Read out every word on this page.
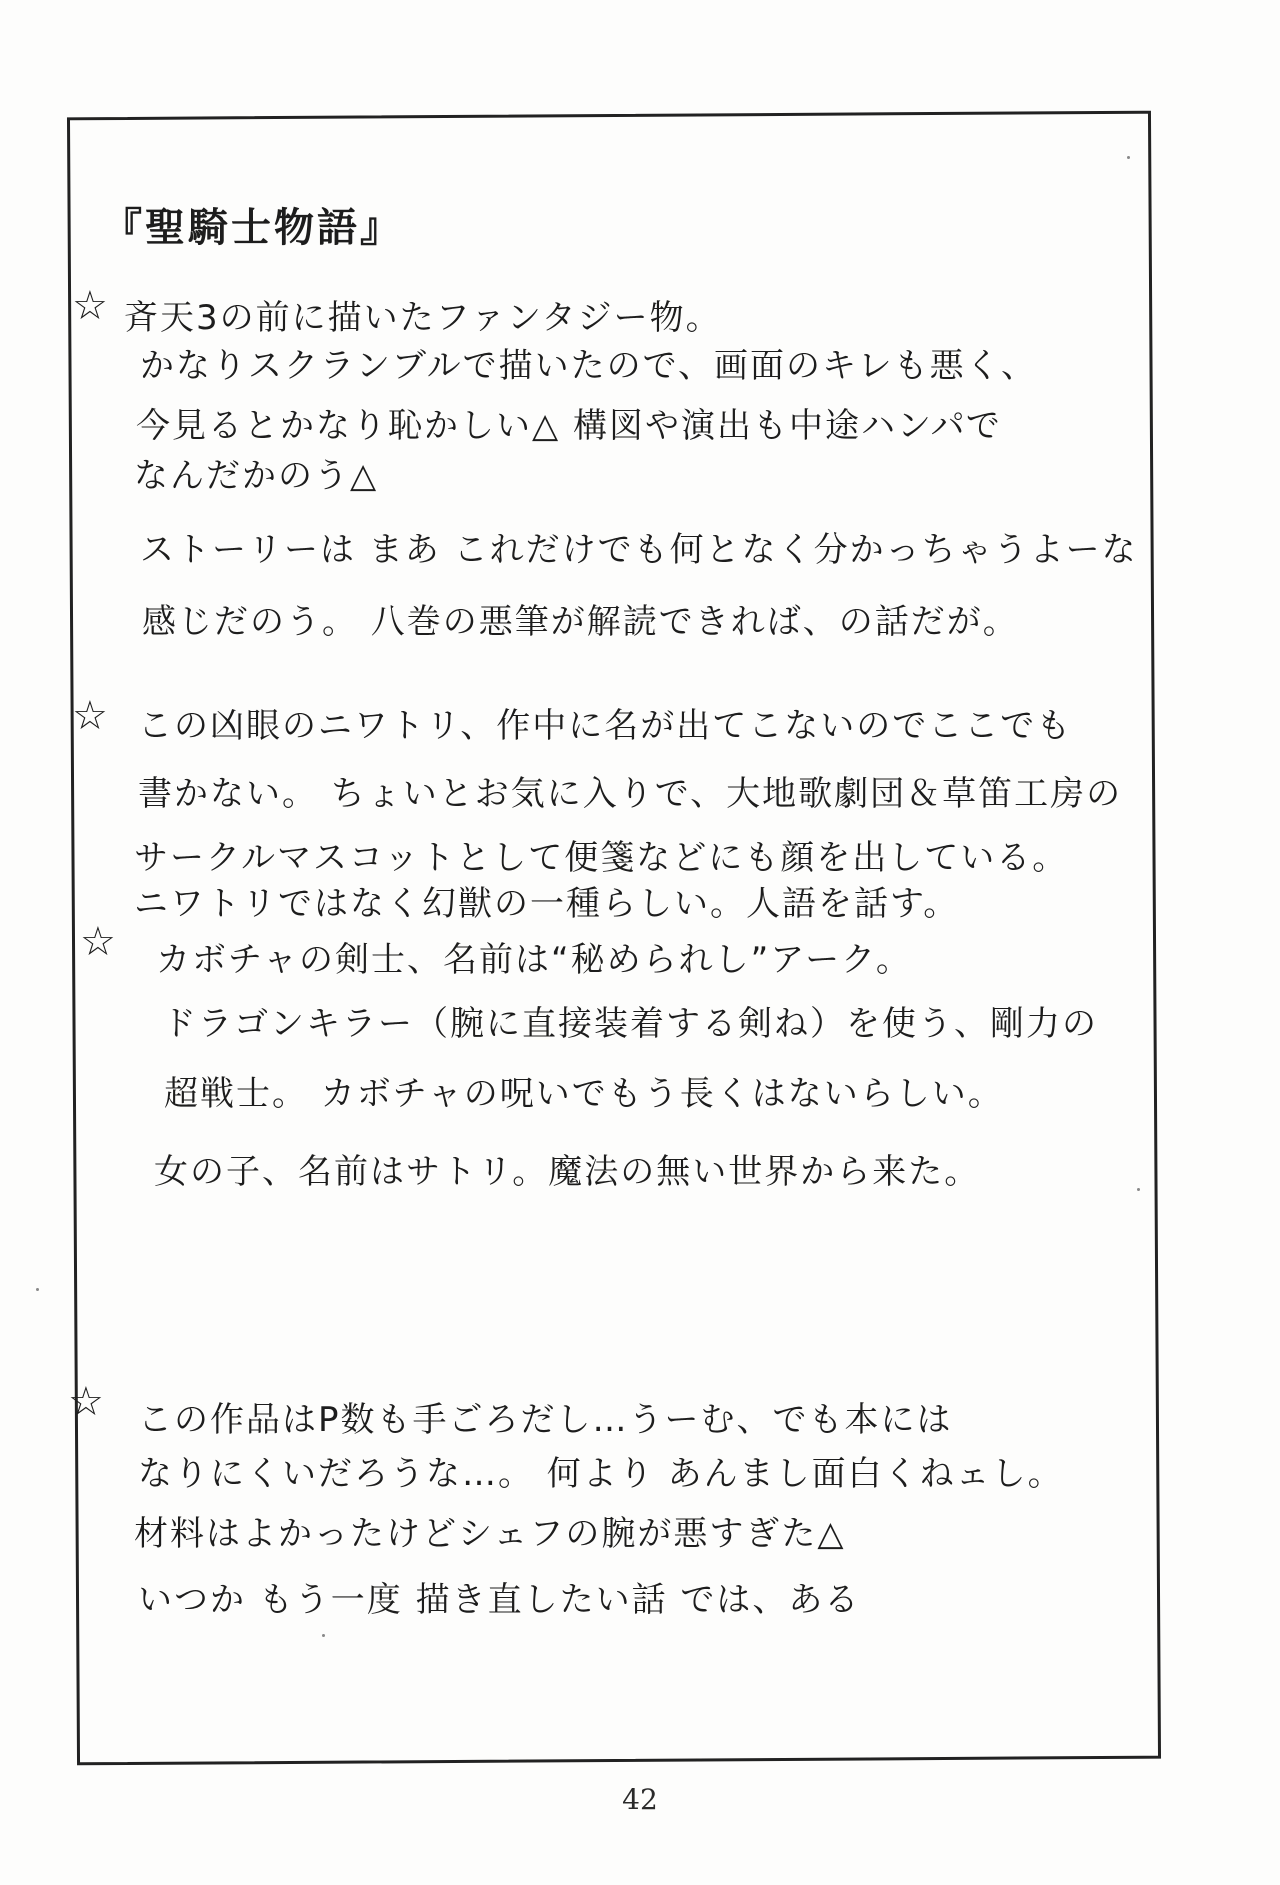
『聖騎士物語』
☆ 斉天3の前に描いたファンタジー物。
かなりスクランブルで描いたので、画面のキレも悪く、
今見るとかなり恥かしい△ 構図や演出も中途ハンパで
なんだかのう△
ストーリーは まあ これだけでも何となく分かっちゃうよーな
感じだのう。 八巻の悪筆が解読できれば、の話だが。
☆ この凶眼のニワトリ、作中に名が出てこないのでここでも
書かない。 ちょいとお気に入りで、大地歌劇団＆草笛工房の
サークルマスコットとして便箋などにも顔を出している。
ニワトリではなく幻獣の一種らしい。人語を話す。
☆ カボチャの剣士、名前は“秘められし”アーク。
ドラゴンキラー（腕に直接装着する剣ね）を使う、剛力の
超戦士。 カボチャの呪いでもう長くはないらしい。
女の子、名前はサトリ。魔法の無い世界から来た。
☆ この作品はP数も手ごろだし…うーむ、でも本には
なりにくいだろうな…。 何より あんまし面白くねェし。
材料はよかったけどシェフの腕が悪すぎた△
いつか もう一度 描き直したい話 では、ある
42
